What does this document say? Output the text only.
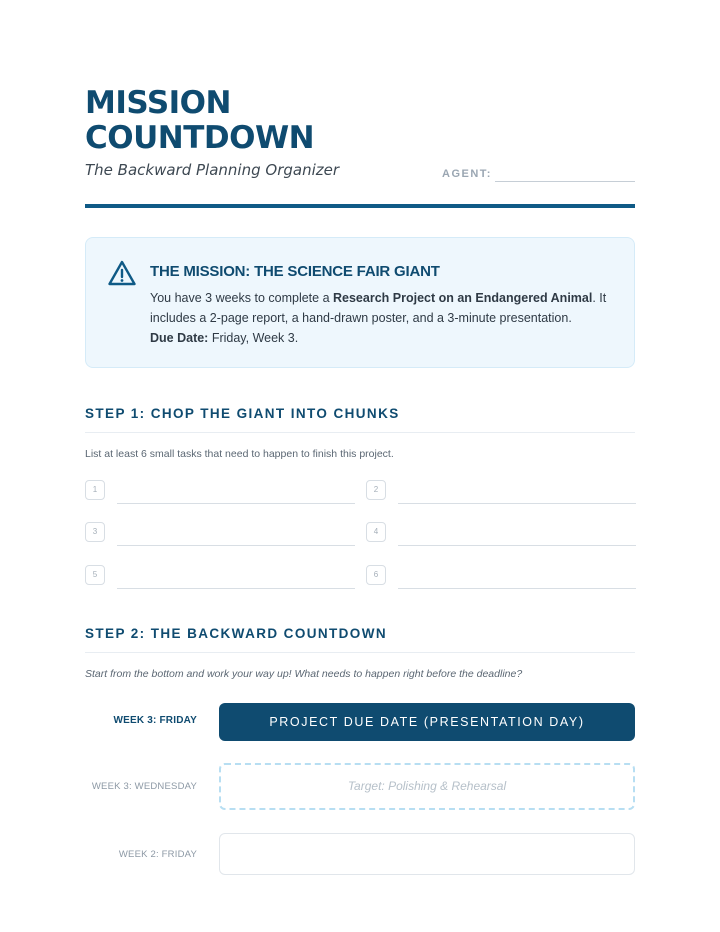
MISSION
COUNTDOWN
The Backward Planning Organizer	AGENT:
THE MISSION: THE SCIENCE FAIR GIANT
You have 3 weeks to complete a Research Project on an Endangered Animal. It includes a 2-page report, a hand-drawn poster, and a 3-minute presentation.
Due Date: Friday, Week 3.
STEP 1: CHOP THE GIANT INTO CHUNKS

List at least 6 small tasks that need to happen to finish this project.

1	2
3	4
5	6
STEP 2: THE BACKWARD COUNTDOWN

Start from the bottom and work your way up! What needs to happen right before the deadline?

WEEK 3: FRIDAY	PROJECT DUE DATE (PRESENTATION DAY)
WEEK 3: WEDNESDAY	Target: Polishing & Rehearsal
WEEK 2: FRIDAY
